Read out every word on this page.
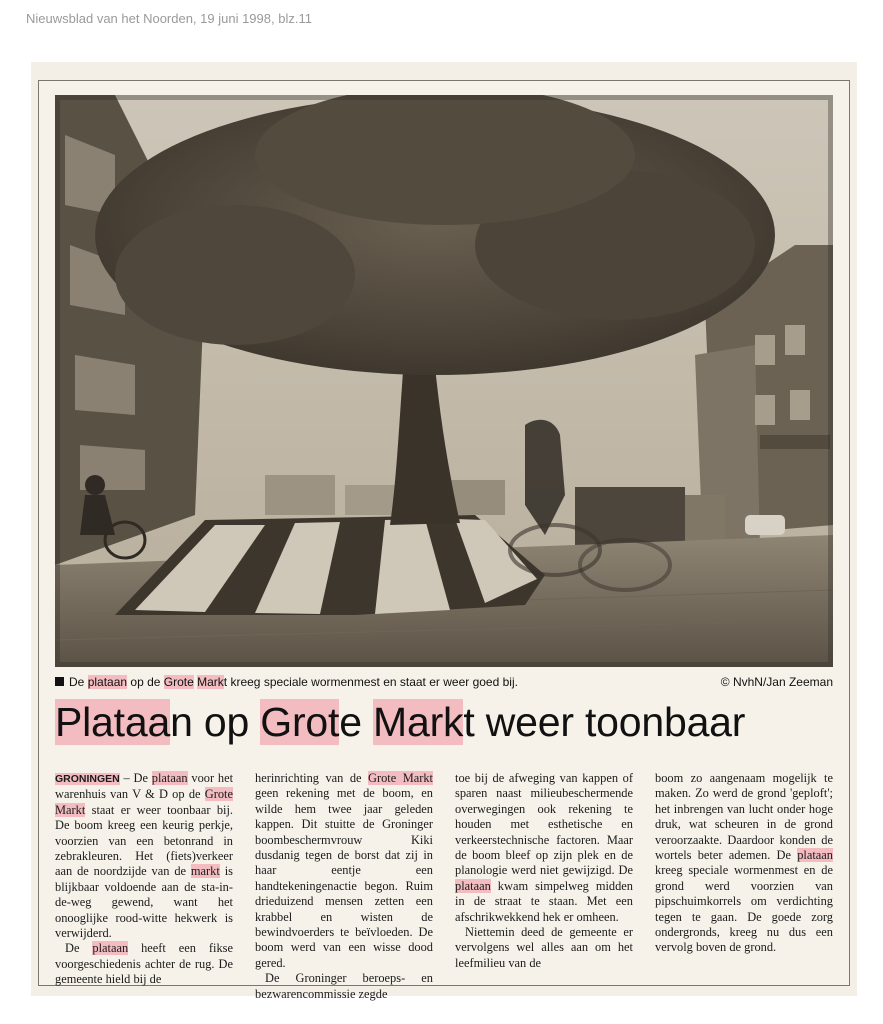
Nieuwsblad van het Noorden, 19 juni 1998, blz.11
De plataan op de Grote Markt kreeg speciale wormenmest en staat er weer goed bij.	© NvhN/Jan Zeeman
Plataan op Grote Markt weer toonbaar

GRONINGEN – De plataan voor het warenhuis van V & D op de Grote Markt staat er weer toonbaar bij. De boom kreeg een keurig perkje, voorzien van een betonrand in zebrakleuren. Het (fiets)verkeer aan de noordzijde van de markt is blijkbaar voldoende aan de sta-in-de-weg gewend, want het onooglijke rood-witte hekwerk is verwijderd.

De plataan heeft een fikse voorgeschiedenis achter de rug. De gemeente hield bij de

herinrichting van de Grote Markt geen rekening met de boom, en wilde hem twee jaar geleden kappen. Dit stuitte de Groninger boombeschermvrouw Kiki dusdanig tegen de borst dat zij in haar eentje een handtekeningenactie begon. Ruim drieduizend mensen zetten een krabbel en wisten de bewindvoerders te beïvloeden. De boom werd van een wisse dood gered.

De Groninger beroeps- en bezwarencommissie zegde

toe bij de afweging van kappen of sparen naast milieubeschermende overwegingen ook rekening te houden met esthetische en verkeerstechnische factoren. Maar de boom bleef op zijn plek en de planologie werd niet gewijzigd. De plataan kwam simpelweg midden in de straat te staan. Met een afschrikwekkend hek er omheen.

Niettemin deed de gemeente er vervolgens wel alles aan om het leefmilieu van de

boom zo aangenaam mogelijk te maken. Zo werd de grond 'geploft'; het inbrengen van lucht onder hoge druk, wat scheuren in de grond veroorzaakte. Daardoor konden de wortels beter ademen. De plataan kreeg speciale wormenmest en de grond werd voorzien van pipschuimkorrels om verdichting tegen te gaan. De goede zorg ondergronds, kreeg nu dus een vervolg boven de grond.
